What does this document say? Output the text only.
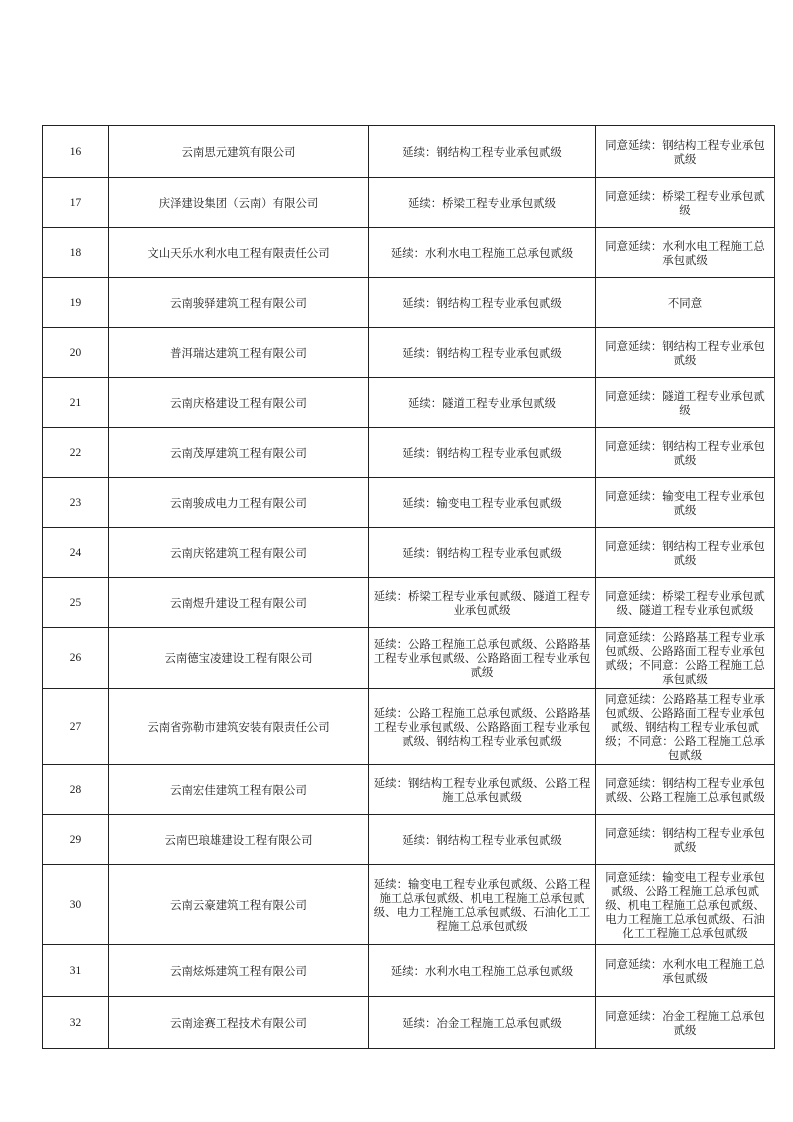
16	云南思元建筑有限公司	延续：钢结构工程专业承包贰级	同意延续：钢结构工程专业承包贰级
17	庆泽建设集团（云南）有限公司	延续：桥梁工程专业承包贰级	同意延续：桥梁工程专业承包贰级
18	文山天乐水利水电工程有限责任公司	延续：水利水电工程施工总承包贰级	同意延续：水利水电工程施工总承包贰级
19	云南骏驿建筑工程有限公司	延续：钢结构工程专业承包贰级	不同意
20	普洱瑞达建筑工程有限公司	延续：钢结构工程专业承包贰级	同意延续：钢结构工程专业承包贰级
21	云南庆格建设工程有限公司	延续：隧道工程专业承包贰级	同意延续：隧道工程专业承包贰级
22	云南茂厚建筑工程有限公司	延续：钢结构工程专业承包贰级	同意延续：钢结构工程专业承包贰级
23	云南骏成电力工程有限公司	延续：输变电工程专业承包贰级	同意延续：输变电工程专业承包贰级
24	云南庆铭建筑工程有限公司	延续：钢结构工程专业承包贰级	同意延续：钢结构工程专业承包贰级
25	云南煜升建设工程有限公司	延续：桥梁工程专业承包贰级、隧道工程专业承包贰级	同意延续：桥梁工程专业承包贰级、隧道工程专业承包贰级
26	云南德宝凌建设工程有限公司	延续：公路工程施工总承包贰级、公路路基工程专业承包贰级、公路路面工程专业承包贰级	同意延续：公路路基工程专业承包贰级、公路路面工程专业承包贰级；不同意：公路工程施工总承包贰级
27	云南省弥勒市建筑安装有限责任公司	延续：公路工程施工总承包贰级、公路路基工程专业承包贰级、公路路面工程专业承包贰级、钢结构工程专业承包贰级	同意延续：公路路基工程专业承包贰级、公路路面工程专业承包贰级、钢结构工程专业承包贰级；不同意：公路工程施工总承包贰级
28	云南宏佳建筑工程有限公司	延续：钢结构工程专业承包贰级、公路工程施工总承包贰级	同意延续：钢结构工程专业承包贰级、公路工程施工总承包贰级
29	云南巴琅雄建设工程有限公司	延续：钢结构工程专业承包贰级	同意延续：钢结构工程专业承包贰级
30	云南云豪建筑工程有限公司	延续：输变电工程专业承包贰级、公路工程施工总承包贰级、机电工程施工总承包贰级、电力工程施工总承包贰级、石油化工工程施工总承包贰级	同意延续：输变电工程专业承包贰级、公路工程施工总承包贰级、机电工程施工总承包贰级、电力工程施工总承包贰级、石油化工工程施工总承包贰级
31	云南炫烁建筑工程有限公司	延续：水利水电工程施工总承包贰级	同意延续：水利水电工程施工总承包贰级
32	云南途赛工程技术有限公司	延续：冶金工程施工总承包贰级	同意延续：冶金工程施工总承包贰级
